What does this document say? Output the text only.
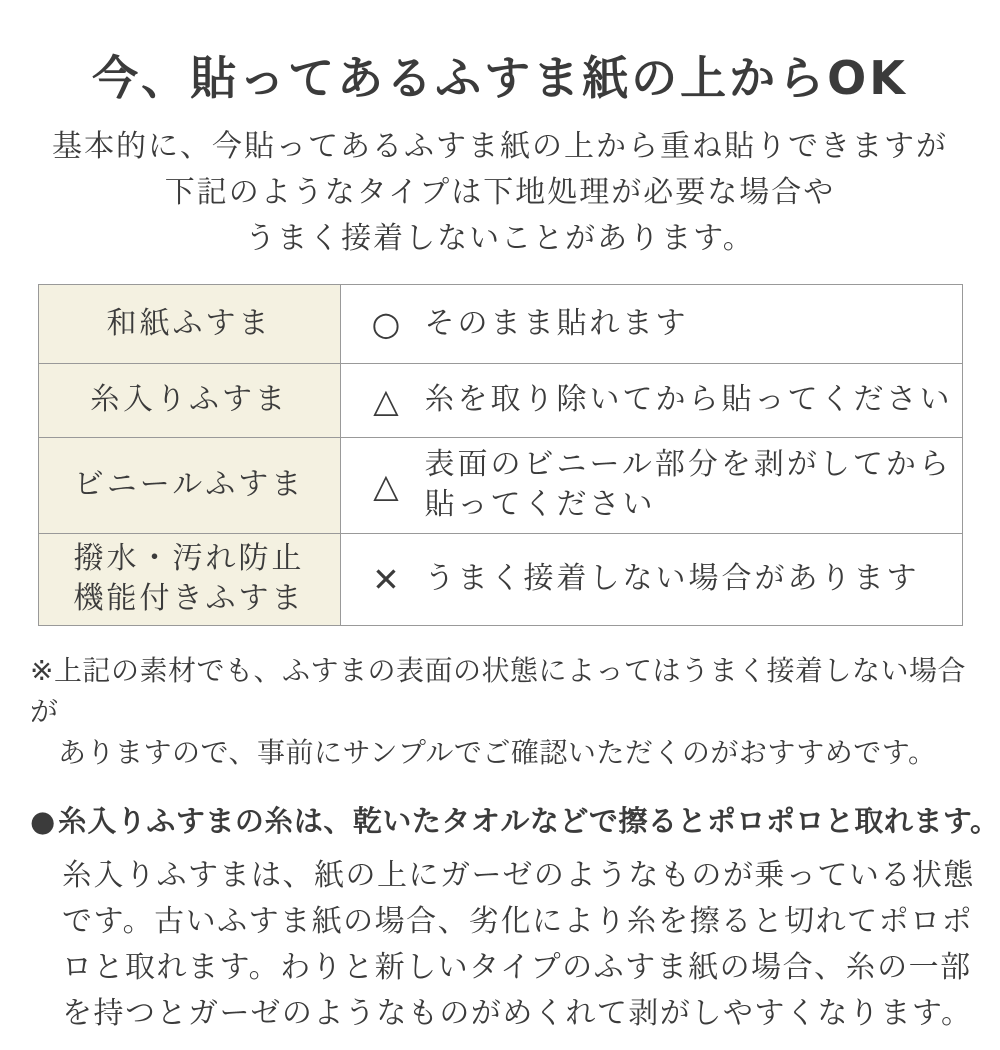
今、貼ってあるふすま紙の上からOK
基本的に、今貼ってあるふすま紙の上から重ね貼りできますが
下記のようなタイプは下地処理が必要な場合や
うまく接着しないことがあります。
和紙ふすま	○ そのまま貼れます

糸入りふすま	△ 糸を取り除いてから貼ってください

ビニールふすま	△
表面のビニール部分を剥がしてから
貼ってください

撥水・汚れ防止
機能付きふすま	✕ うまく接着しない場合があります
※上記の素材でも、ふすまの表面の状態によってはうまく接着しない場合が
ありますので、事前にサンプルでご確認いただくのがおすすめです。
●糸入りふすまの糸は、乾いたタオルなどで擦るとポロポロと取れます。
糸入りふすまは、紙の上にガーゼのようなものが乗っている状態
です。古いふすま紙の場合、劣化により糸を擦ると切れてポロポ
ロと取れます。わりと新しいタイプのふすま紙の場合、糸の一部
を持つとガーゼのようなものがめくれて剥がしやすくなります。
